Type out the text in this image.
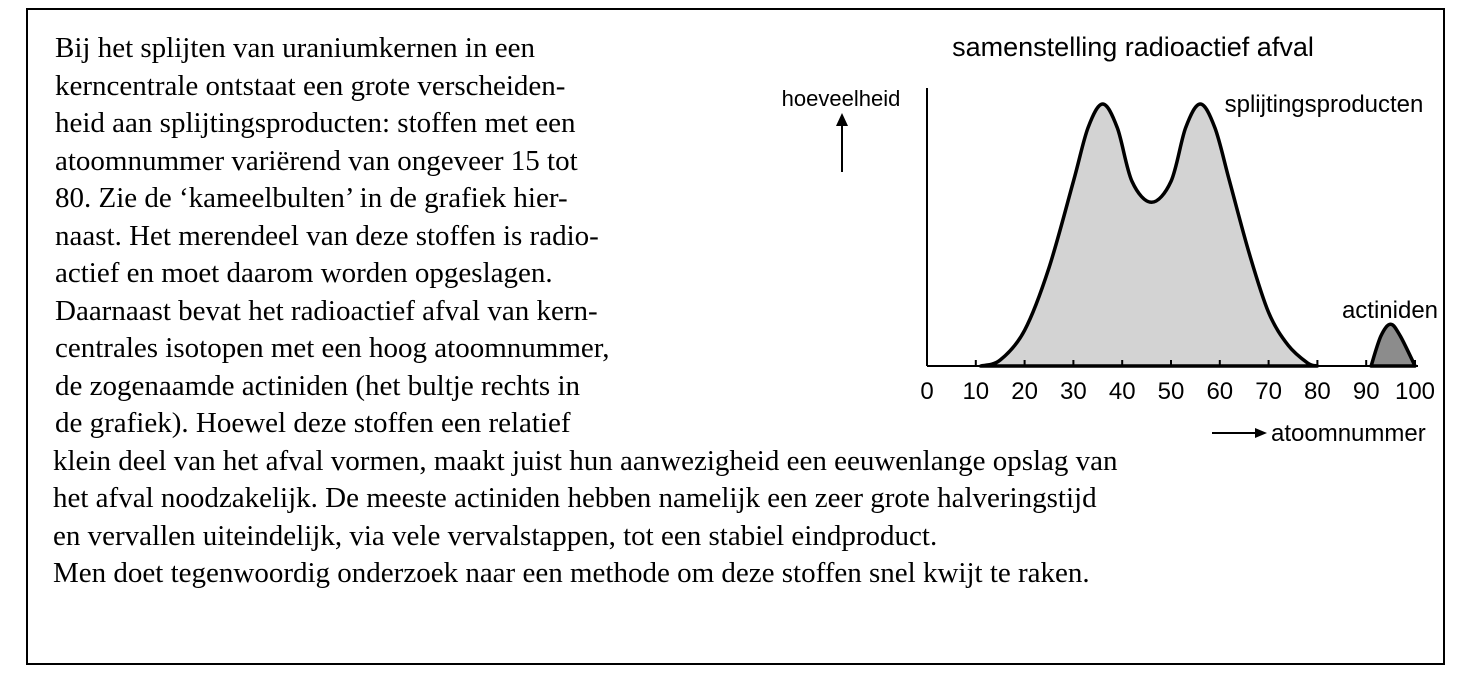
Bij het splijten van uraniumkernen in een
kerncentrale ontstaat een grote verscheiden-
heid aan splijtingsproducten: stoffen met een
atoomnummer variërend van ongeveer 15 tot
80. Zie de ‘kameelbulten’ in de grafiek hier-
naast. Het merendeel van deze stoffen is radio-
actief en moet daarom worden opgeslagen.
Daarnaast bevat het radioactief afval van kern-
centrales isotopen met een hoog atoomnummer,
de zogenaamde actiniden (het bultje rechts in
de grafiek). Hoewel deze stoffen een relatief
klein deel van het afval vormen, maakt juist hun aanwezigheid een eeuwenlange opslag van
het afval noodzakelijk. De meeste actiniden hebben namelijk een zeer grote halveringstijd
en vervallen uiteindelijk, via vele vervalstappen, tot een stabiel eindproduct.
Men doet tegenwoordig onderzoek naar een methode om deze stoffen snel kwijt te raken.

samenstelling radioactief afval
hoeveelheid
0 10 20 30 40 50 60 70 80 90 100
splijtingsproducten
actiniden
atoomnummer
